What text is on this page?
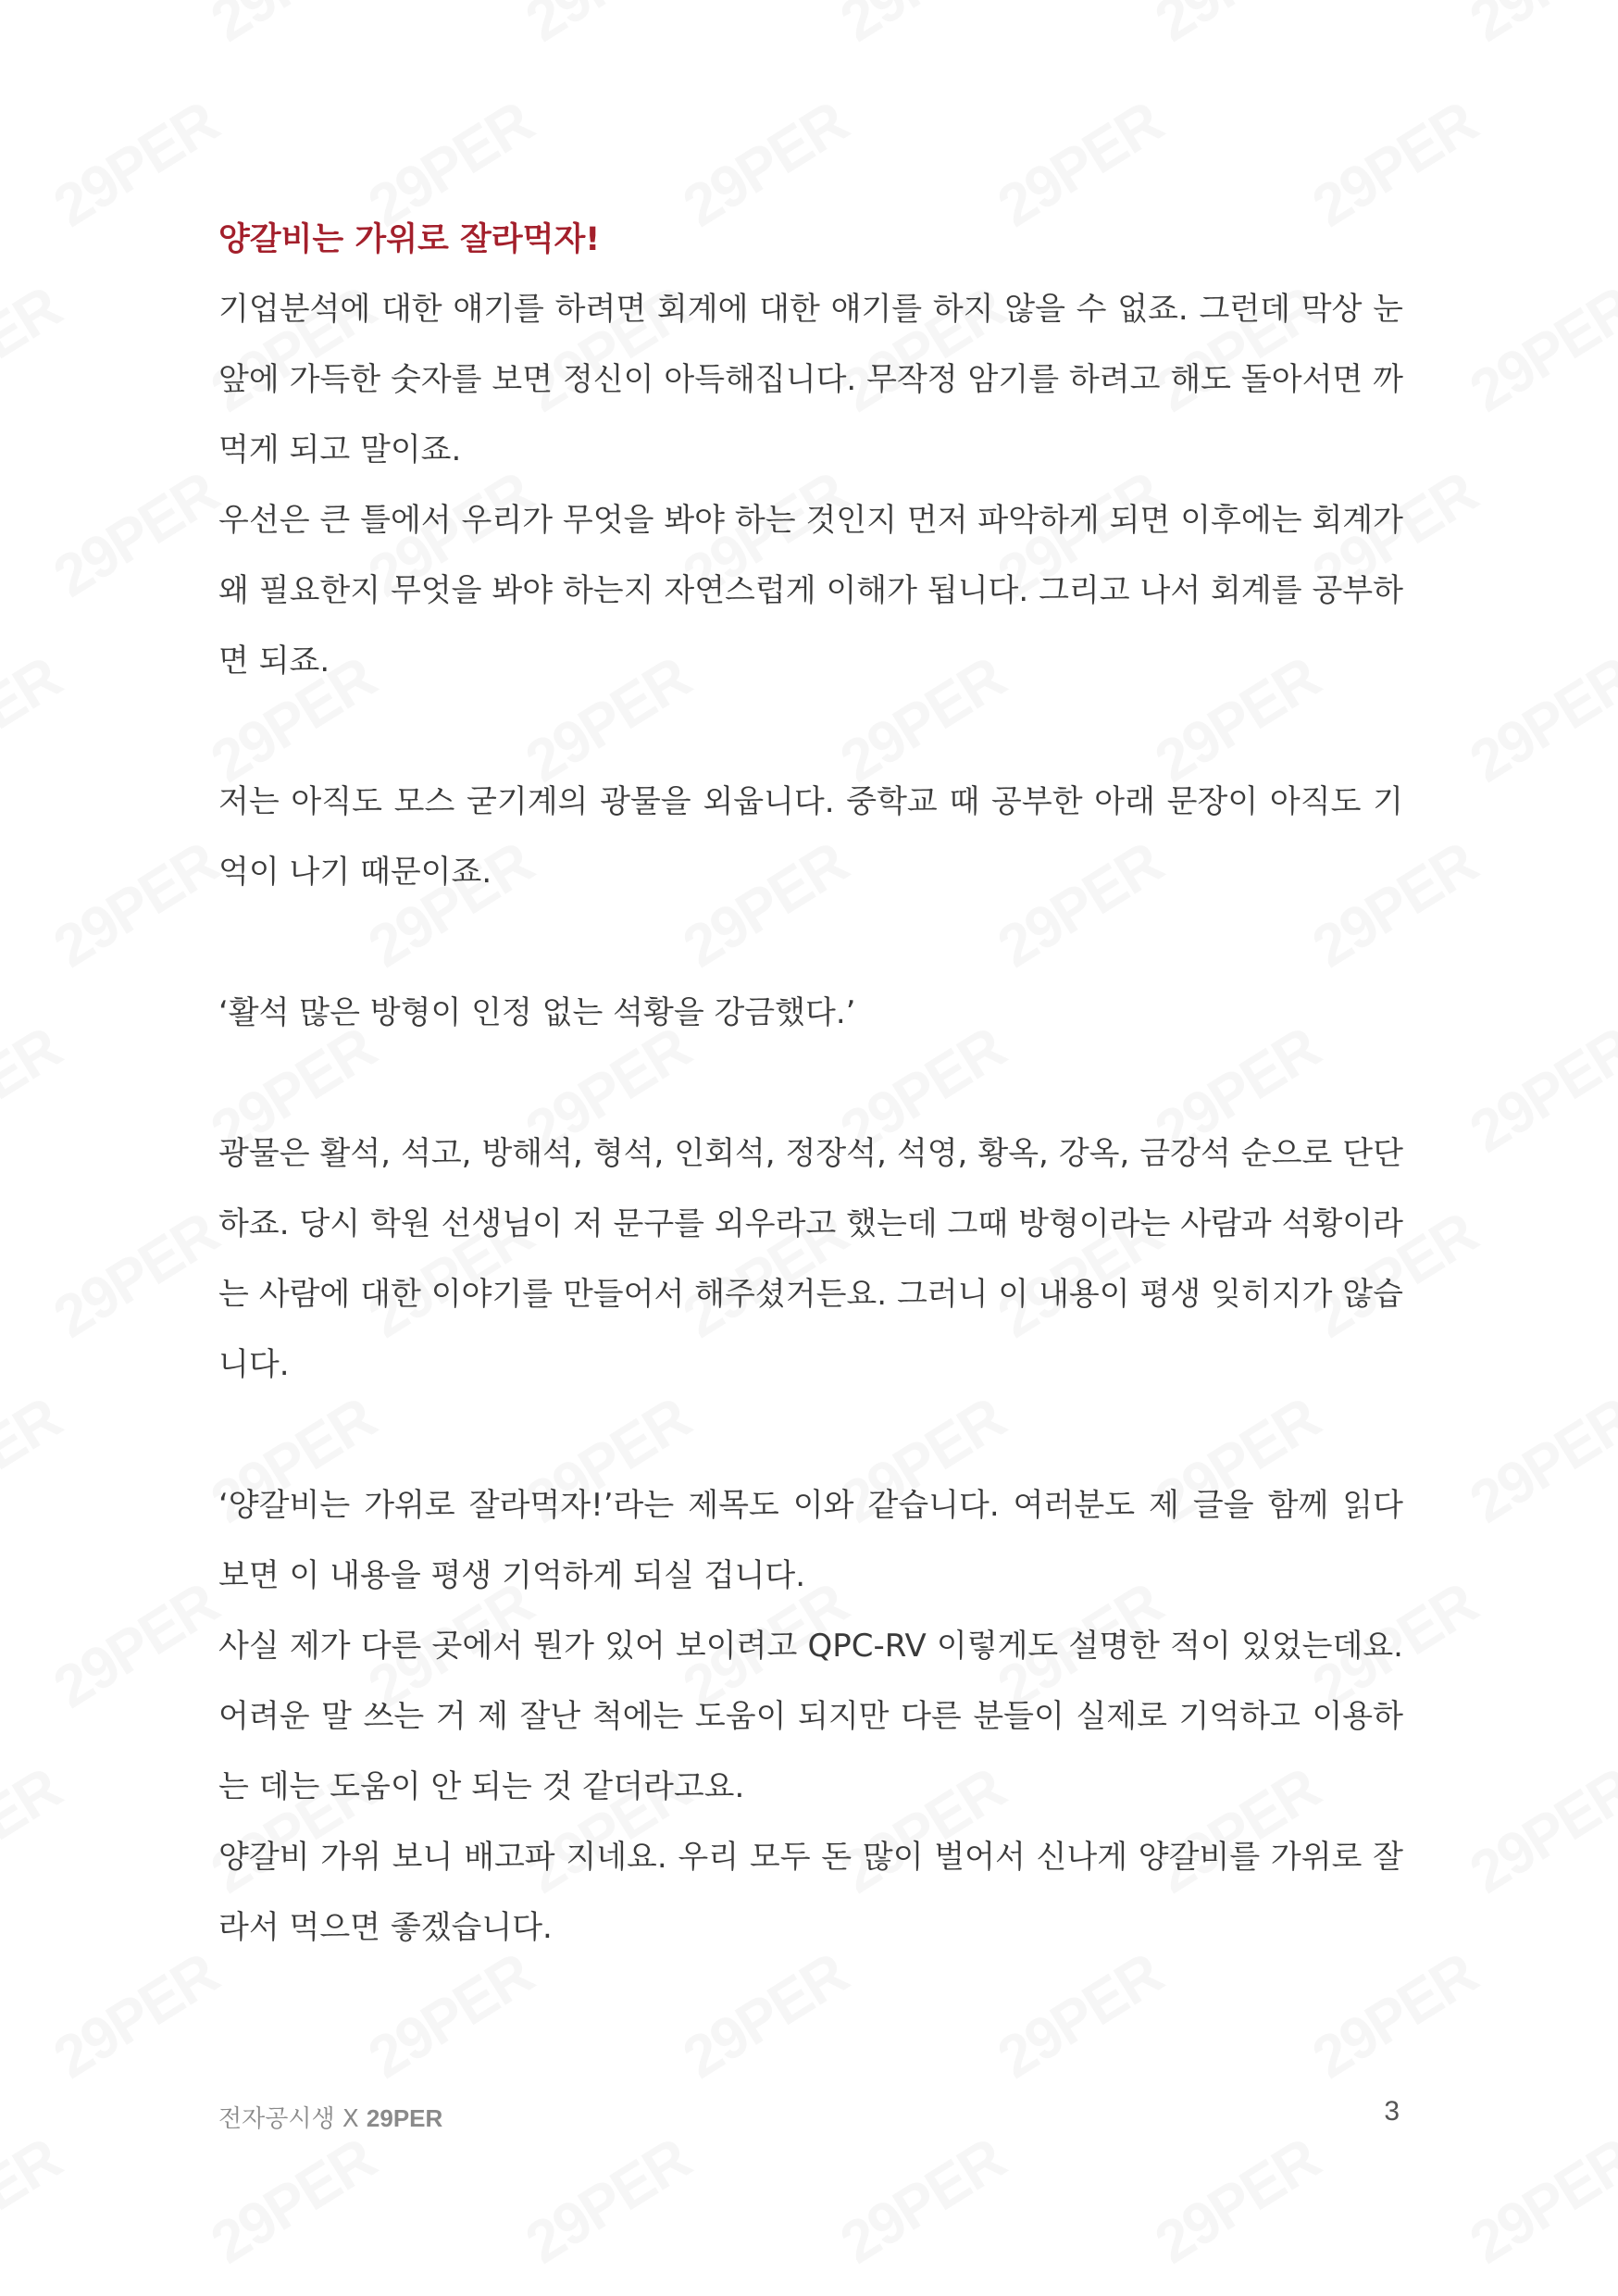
양갈비는 가위로 잘라먹자!

기업분석에 대한 얘기를 하려면 회계에 대한 얘기를 하지 않을 수 없죠. 그런데 막상 눈 앞에 가득한 숫자를 보면 정신이 아득해집니다. 무작정 암기를 하려고 해도 돌아서면 까먹게 되고 말이죠.

우선은 큰 틀에서 우리가 무엇을 봐야 하는 것인지 먼저 파악하게 되면 이후에는 회계가 왜 필요한지 무엇을 봐야 하는지 자연스럽게 이해가 됩니다. 그리고 나서 회계를 공부하면 되죠.

저는 아직도 모스 굳기계의 광물을 외웁니다. 중학교 때 공부한 아래 문장이 아직도 기억이 나기 때문이죠.

‘활석 많은 방형이 인정 없는 석황을 강금했다.’

광물은 활석, 석고, 방해석, 형석, 인회석, 정장석, 석영, 황옥, 강옥, 금강석 순으로 단단하죠. 당시 학원 선생님이 저 문구를 외우라고 했는데 그때 방형이라는 사람과 석황이라는 사람에 대한 이야기를 만들어서 해주셨거든요. 그러니 이 내용이 평생 잊히지가 않습니다.

‘양갈비는 가위로 잘라먹자!’라는 제목도 이와 같습니다. 여러분도 제 글을 함께 읽다 보면 이 내용을 평생 기억하게 되실 겁니다.

사실 제가 다른 곳에서 뭔가 있어 보이려고 QPC-RV 이렇게도 설명한 적이 있었는데요. 어려운 말 쓰는 거 제 잘난 척에는 도움이 되지만 다른 분들이 실제로 기억하고 이용하는 데는 도움이 안 되는 것 같더라고요.

양갈비 가위 보니 배고파 지네요. 우리 모두 돈 많이 벌어서 신나게 양갈비를 가위로 잘라서 먹으면 좋겠습니다.

전자공시생 X 29PER	3
